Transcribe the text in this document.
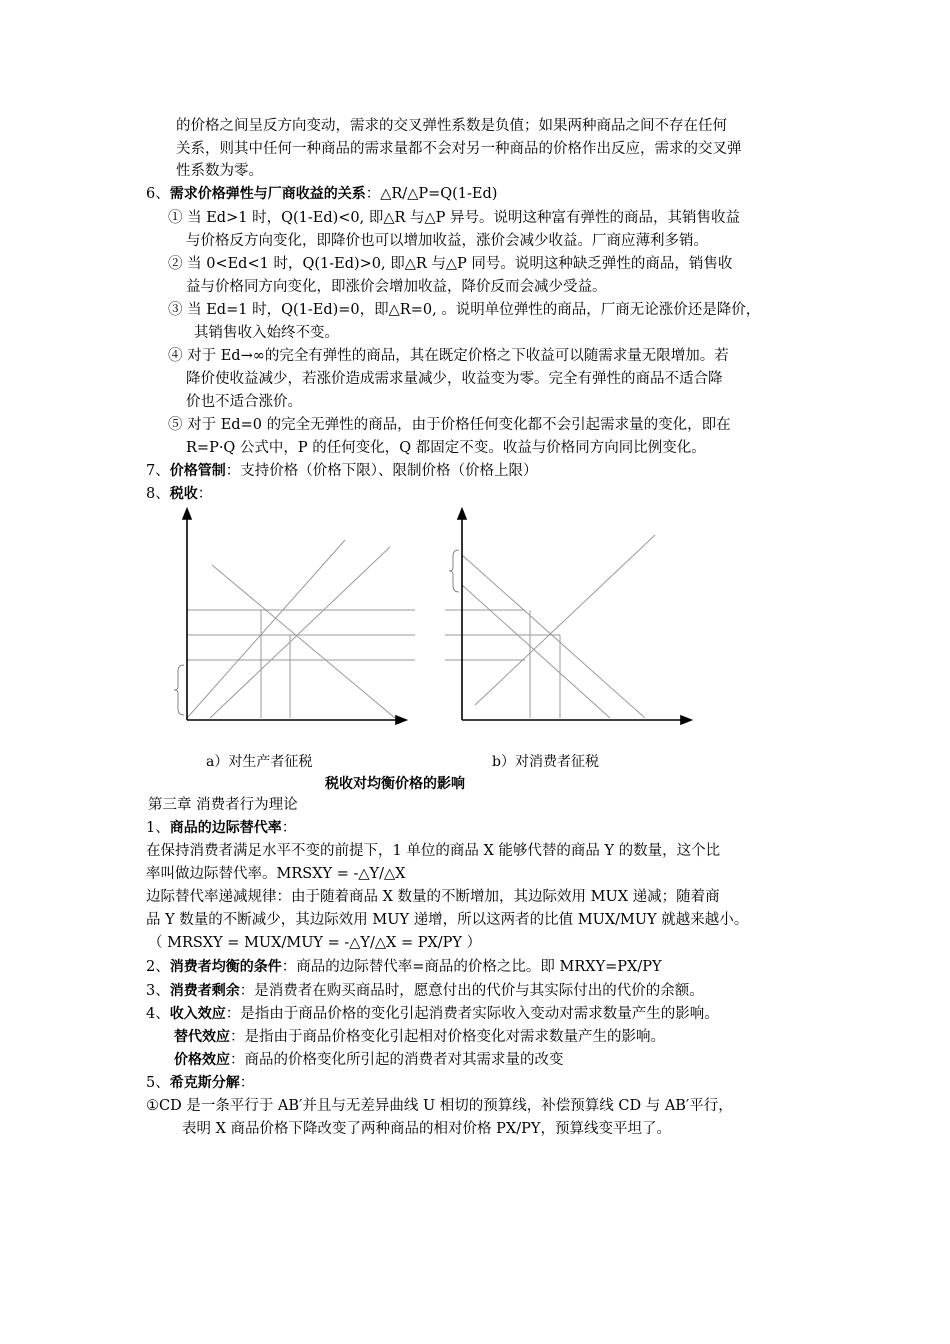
的价格之间呈反方向变动，需求的交叉弹性系数是负值；如果两种商品之间不存在任何
关系，则其中任何一种商品的需求量都不会对另一种商品的价格作出反应，需求的交叉弹
性系数为零。
6、需求价格弹性与厂商收益的关系：△R/△P=Q(1-Ed)
① 当 Ed>1 时，Q(1-Ed)<0, 即△R 与△P 异号。说明这种富有弹性的商品，其销售收益
与价格反方向变化，即降价也可以增加收益，涨价会减少收益。厂商应薄利多销。
② 当 0<Ed<1 时，Q(1-Ed)>0, 即△R 与△P 同号。说明这种缺乏弹性的商品，销售收
益与价格同方向变化，即涨价会增加收益，降价反而会减少受益。
③ 当 Ed=1 时，Q(1-Ed)=0，即△R=0, 。说明单位弹性的商品，厂商无论涨价还是降价，
其销售收入始终不变。
④ 对于 Ed→∞的完全有弹性的商品，其在既定价格之下收益可以随需求量无限增加。若
降价使收益减少，若涨价造成需求量减少，收益变为零。完全有弹性的商品不适合降
价也不适合涨价。
⑤ 对于 Ed=0 的完全无弹性的商品，由于价格任何变化都不会引起需求量的变化，即在
R=P·Q 公式中，P 的任何变化，Q 都固定不变。收益与价格同方向同比例变化。
7、价格管制：支持价格（价格下限）、限制价格（价格上限）
8、税收：
a）对生产者征税	b）对消费者征税
税收对均衡价格的影响
第三章 消费者行为理论
1、商品的边际替代率：
在保持消费者满足水平不变的前提下，1 单位的商品 X 能够代替的商品 Y 的数量，这个比
率叫做边际替代率。MRSXY = -△Y/△X
边际替代率递减规律：由于随着商品 X 数量的不断增加，其边际效用 MUX 递减；随着商
品 Y 数量的不断减少，其边际效用 MUY 递增，所以这两者的比值 MUX/MUY 就越来越小。
（ MRSXY = MUX/MUY = -△Y/△X = PX/PY ）
2、消费者均衡的条件：商品的边际替代率=商品的价格之比。即 MRXY=PX/PY
3、消费者剩余：是消费者在购买商品时，愿意付出的代价与其实际付出的代价的余额。
4、收入效应：是指由于商品价格的变化引起消费者实际收入变动对需求数量产生的影响。
替代效应：是指由于商品价格变化引起相对价格变化对需求数量产生的影响。
价格效应：商品的价格变化所引起的消费者对其需求量的改变
5、希克斯分解：
①CD 是一条平行于 AB′并且与无差异曲线 U 相切的预算线，补偿预算线 CD 与 AB′平行，
表明 X 商品价格下降改变了两种商品的相对价格 PX/PY，预算线变平坦了。
